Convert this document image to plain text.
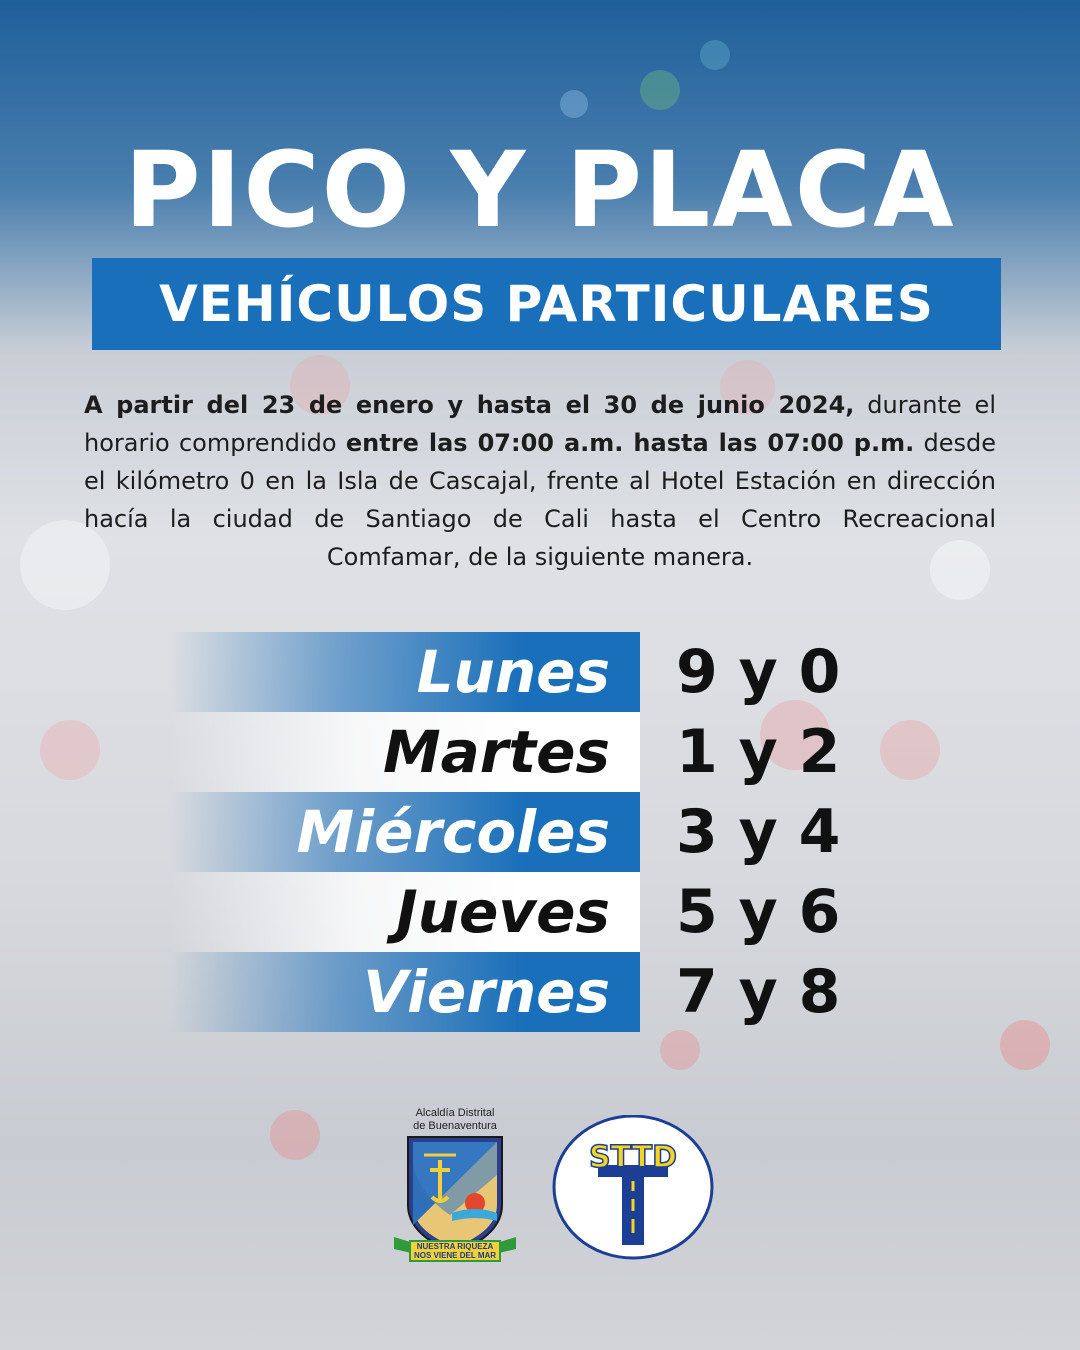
PICO Y PLACA
VEHÍCULOS PARTICULARES
A partir del 23 de enero y hasta el 30 de junio 2024, durante el horario comprendido entre las 07:00 a.m. hasta las 07:00 p.m. desde el kilómetro 0 en la Isla de Cascajal, frente al Hotel Estación en dirección hacía la ciudad de Santiago de Cali hasta el Centro Recreacional Comfamar, de la siguiente manera.
Lunes 9 y 0
Martes 1 y 2
Miércoles 3 y 4
Jueves 5 y 6
Viernes 7 y 8
Alcaldía Distrital
de Buenaventura
NUESTRA RIQUEZA
NOS VIENE DEL MAR
STTD
